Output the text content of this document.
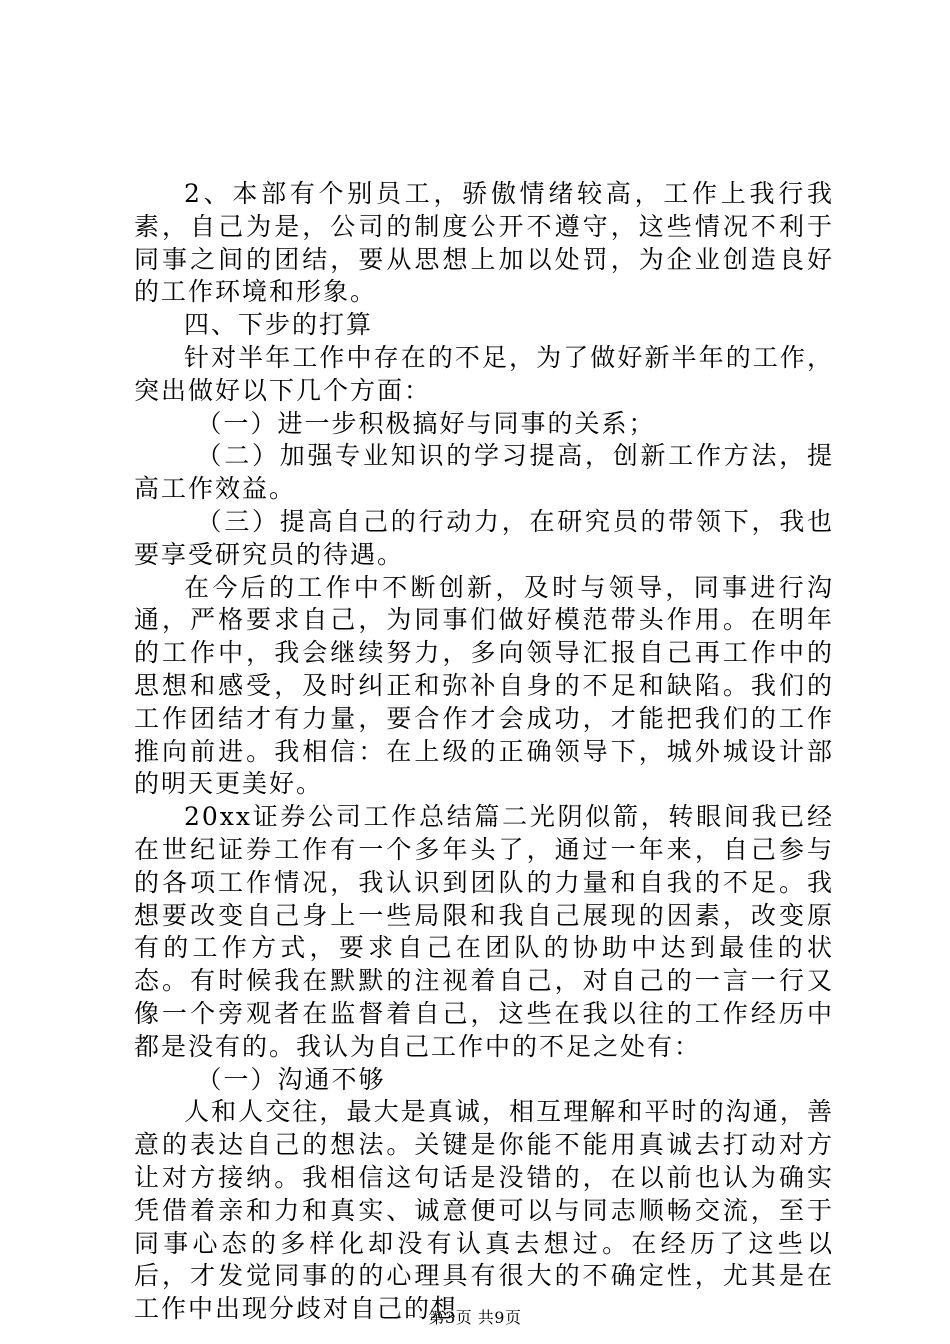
2、本部有个别员工，骄傲情绪较高，工作上我行我素，自己为是，公司的制度公开不遵守，这些情况不利于同事之间的团结，要从思想上加以处罚，为企业创造良好的工作环境和形象。

四、下步的打算

针对半年工作中存在的不足，为了做好新半年的工作，突出做好以下几个方面：

（一）进一步积极搞好与同事的关系；

（二）加强专业知识的学习提高，创新工作方法，提高工作效益。

（三）提高自己的行动力，在研究员的带领下，我也要享受研究员的待遇。

在今后的工作中不断创新，及时与领导，同事进行沟通，严格要求自己，为同事们做好模范带头作用。在明年的工作中，我会继续努力，多向领导汇报自己再工作中的思想和感受，及时纠正和弥补自身的不足和缺陷。我们的工作团结才有力量，要合作才会成功，才能把我们的工作推向前进。我相信：在上级的正确领导下，城外城设计部的明天更美好。

20xx证券公司工作总结篇二光阴似箭，转眼间我已经在世纪证券工作有一个多年头了，通过一年来，自己参与的各项工作情况，我认识到团队的力量和自我的不足。我想要改变自己身上一些局限和我自己展现的因素，改变原有的工作方式，要求自己在团队的协助中达到最佳的状态。有时候我在默默的注视着自己，对自己的一言一行又像一个旁观者在监督着自己，这些在我以往的工作经历中都是没有的。我认为自己工作中的不足之处有：

（一）沟通不够

人和人交往，最大是真诚，相互理解和平时的沟通，善意的表达自己的想法。关键是你能不能用真诚去打动对方让对方接纳。我相信这句话是没错的，在以前也认为确实凭借着亲和力和真实、诚意便可以与同志顺畅交流，至于同事心态的多样化却没有认真去想过。在经历了这些以后，才发觉同事的的心理具有很大的不确定性，尤其是在工作中出现分歧对自己的想

第3页 共9页
